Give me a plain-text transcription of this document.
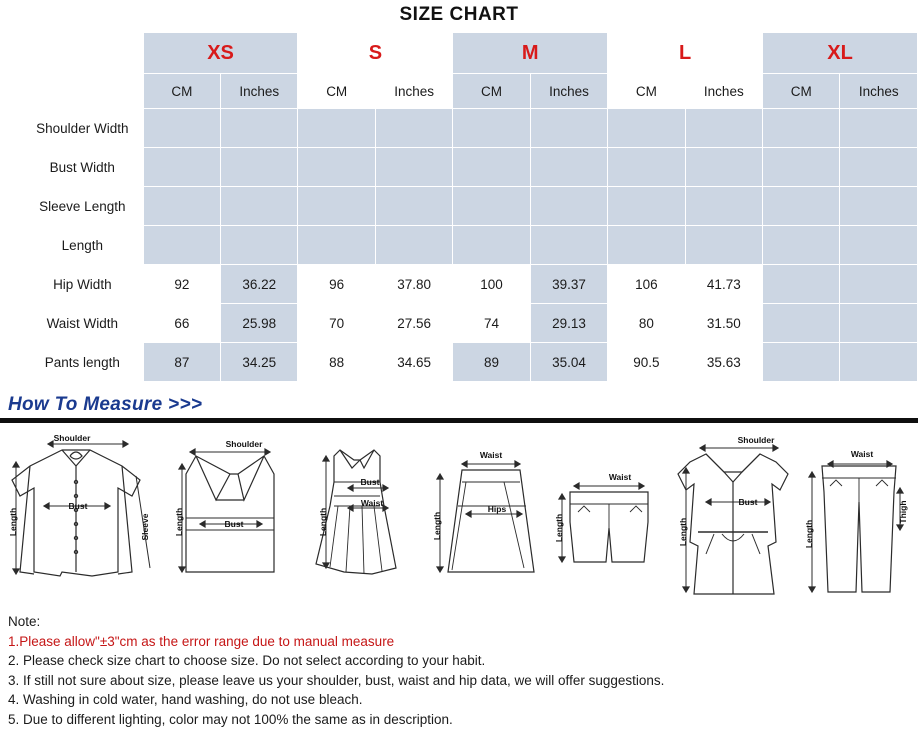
SIZE CHART
	XS		S		M		L		XL	
	CM	Inches	CM	Inches	CM	Inches	CM	Inches	CM	Inches
Shoulder Width										
Bust Width										
Sleeve Length										
Length										
Hip Width	92	36.22	96	37.80	100	39.37	106	41.73		
Waist Width	66	25.98	70	27.56	74	29.13	80	31.50		
Pants length	87	34.25	88	34.65	89	35.04	90.5	35.63		
How To Measure >>>
Shoulder
Bust
Length	Sleeve
Shoulder
Bust
Length
Bust
Waist
Length
Waist
Hips
Length
Waist
Length
Shoulder
Bust
Length
Waist
Thigh
Length
Note:
1.Please allow"±3"cm as the error range due to manual measure
2. Please check size chart to choose size. Do not select according to your habit.
3. If still not sure about size, please leave us your shoulder, bust, waist and hip data, we will offer suggestions.
4. Washing in cold water, hand washing, do not use bleach.
5. Due to different lighting, color may not 100% the same as in description.
